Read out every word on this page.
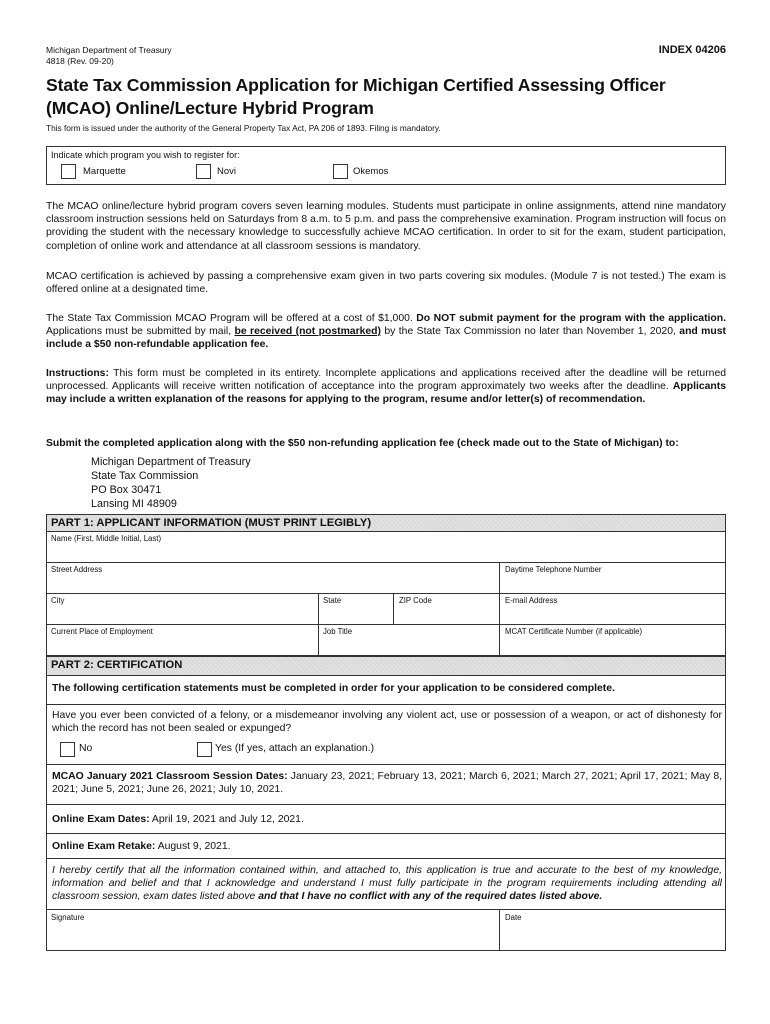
Michigan Department of Treasury
4818 (Rev. 09-20)
INDEX 04206
State Tax Commission Application for Michigan Certified Assessing Officer
(MCAO) Online/Lecture Hybrid Program
This form is issued under the authority of the General Property Tax Act, PA 206 of 1893. Filing is mandatory.
Indicate which program you wish to register for:
Marquette	Novi	Okemos
The MCAO online/lecture hybrid program covers seven learning modules. Students must participate in online assignments, attend nine mandatory classroom instruction sessions held on Saturdays from 8 a.m. to 5 p.m. and pass the comprehensive examination. Program instruction will focus on providing the student with the necessary knowledge to successfully achieve MCAO certification. In order to sit for the exam, student participation, completion of online work and attendance at all classroom sessions is mandatory.
MCAO certification is achieved by passing a comprehensive exam given in two parts covering six modules. (Module 7 is not tested.) The exam is offered online at a designated time.
The State Tax Commission MCAO Program will be offered at a cost of $1,000. Do NOT submit payment for the program with the application. Applications must be submitted by mail, be received (not postmarked) by the State Tax Commission no later than November 1, 2020, and must include a $50 non-refundable application fee.
Instructions: This form must be completed in its entirety. Incomplete applications and applications received after the deadline will be returned unprocessed. Applicants will receive written notification of acceptance into the program approximately two weeks after the deadline. Applicants may include a written explanation of the reasons for applying to the program, resume and/or letter(s) of recommendation.
Submit the completed application along with the $50 non-refunding application fee (check made out to the State of Michigan) to:
Michigan Department of Treasury
State Tax Commission
PO Box 30471
Lansing MI 48909
PART 1: APPLICANT INFORMATION (MUST PRINT LEGIBLY)
Name (First, Middle Initial, Last)
Street Address	Daytime Telephone Number
City	State	ZIP Code	E-mail Address
Current Place of Employment	Job Title	MCAT Certificate Number (if applicable)
PART 2: CERTIFICATION
The following certification statements must be completed in order for your application to be considered complete.
Have you ever been convicted of a felony, or a misdemeanor involving any violent act, use or possession of a weapon, or act of dishonesty for which the record has not been sealed or expunged?
No	Yes (If yes, attach an explanation.)
MCAO January 2021 Classroom Session Dates: January 23, 2021; February 13, 2021; March 6, 2021; March 27, 2021; April 17, 2021; May 8, 2021; June 5, 2021; June 26, 2021; July 10, 2021.
Online Exam Dates: April 19, 2021 and July 12, 2021.
Online Exam Retake: August 9, 2021.
I hereby certify that all the information contained within, and attached to, this application is true and accurate to the best of my knowledge, information and belief and that I acknowledge and understand I must fully participate in the program requirements including attending all classroom session, exam dates listed above and that I have no conflict with any of the required dates listed above.
Signature	Date
